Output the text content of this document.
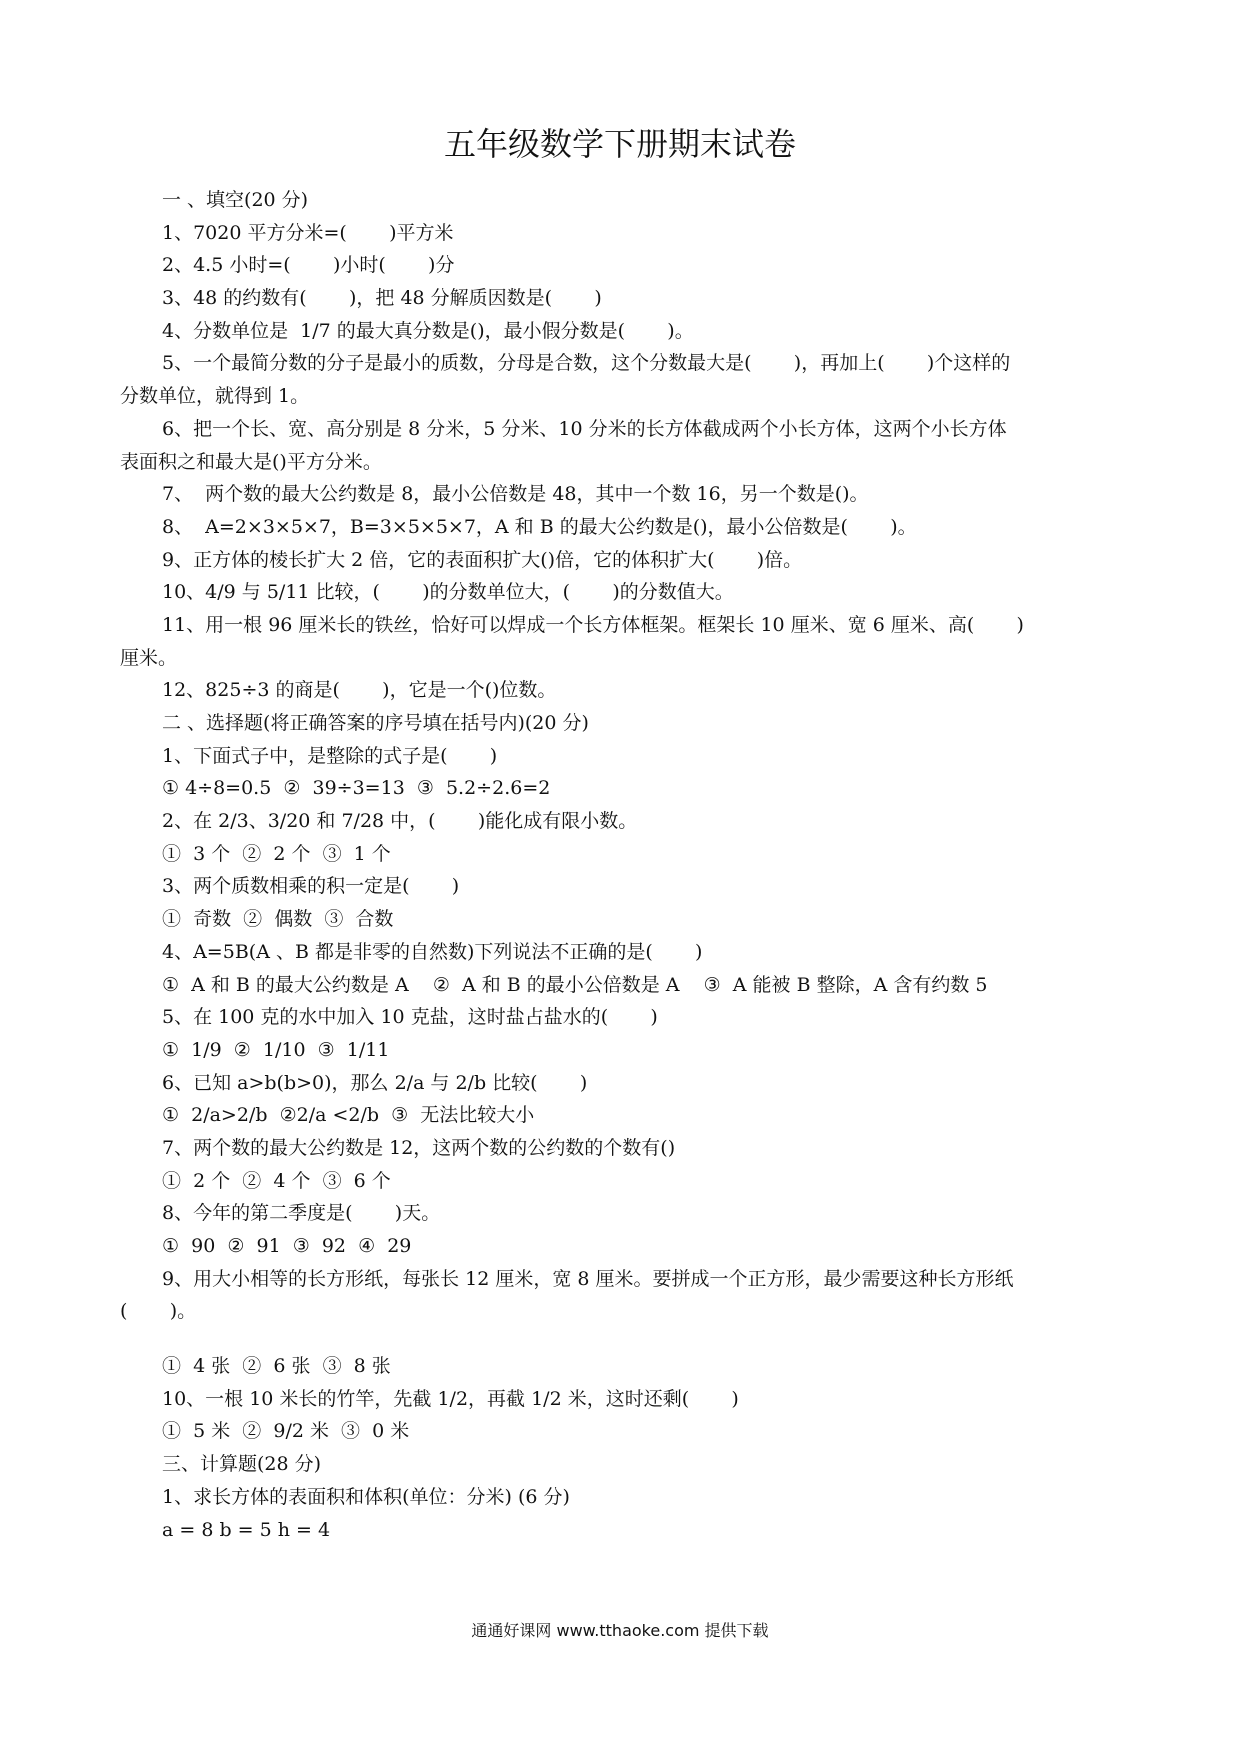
五年级数学下册期末试卷
一 、填空(20 分)
1、7020 平方分米=(       )平方米
2、4.5 小时=(       )小时(       )分
3、48 的约数有(       )，把 48 分解质因数是(       )
4、分数单位是  1/7 的最大真分数是()，最小假分数是(       )。
5、一个最简分数的分子是最小的质数，分母是合数，这个分数最大是(       )，再加上(       )个这样的
分数单位，就得到 1。
6、把一个长、宽、高分别是 8 分米，5 分米、10 分米的长方体截成两个小长方体，这两个小长方体
表面积之和最大是()平方分米。
7、  两个数的最大公约数是 8，最小公倍数是 48，其中一个数 16，另一个数是()。
8、  A=2×3×5×7，B=3×5×5×7，A 和 B 的最大公约数是()，最小公倍数是(       )。
9、正方体的棱长扩大 2 倍，它的表面积扩大()倍，它的体积扩大(       )倍。
10、4/9 与 5/11 比较，(       )的分数单位大，(       )的分数值大。
11、用一根 96 厘米长的铁丝，恰好可以焊成一个长方体框架。框架长 10 厘米、宽 6 厘米、高(       )
厘米。
12、825÷3 的商是(       )，它是一个()位数。
二 、选择题(将正确答案的序号填在括号内)(20 分)
1、下面式子中，是整除的式子是(       )
① 4÷8=0.5  ②  39÷3=13  ③  5.2÷2.6=2
2、在 2/3、3/20 和 7/28 中，(       )能化成有限小数。
①  3 个  ②  2 个  ③  1 个
3、两个质数相乘的积一定是(       )
①  奇数  ②  偶数  ③  合数
4、A=5B(A 、B 都是非零的自然数)下列说法不正确的是(       )
①  A 和 B 的最大公约数是 A    ②  A 和 B 的最小公倍数是 A    ③  A 能被 B 整除，A 含有约数 5
5、在 100 克的水中加入 10 克盐，这时盐占盐水的(       )
①  1/9  ②  1/10  ③  1/11
6、已知 a>b(b>0)，那么 2/a 与 2/b 比较(       )
①  2/a>2/b  ②2/a <2/b  ③  无法比较大小
7、两个数的最大公约数是 12，这两个数的公约数的个数有()
①  2 个  ②  4 个  ③  6 个
8、今年的第二季度是(       )天。
①  90  ②  91  ③  92  ④  29
9、用大小相等的长方形纸，每张长 12 厘米，宽 8 厘米。要拼成一个正方形，最少需要这种长方形纸
(       )。
①  4 张  ②  6 张  ③  8 张
10、一根 10 米长的竹竿，先截 1/2，再截 1/2 米，这时还剩(       )
①  5 米  ②  9/2 米  ③  0 米
三、计算题(28 分)
1、求长方体的表面积和体积(单位：分米) (6 分)
a = 8 b = 5 h = 4
通通好课网 www.tthaoke.com 提供下载
